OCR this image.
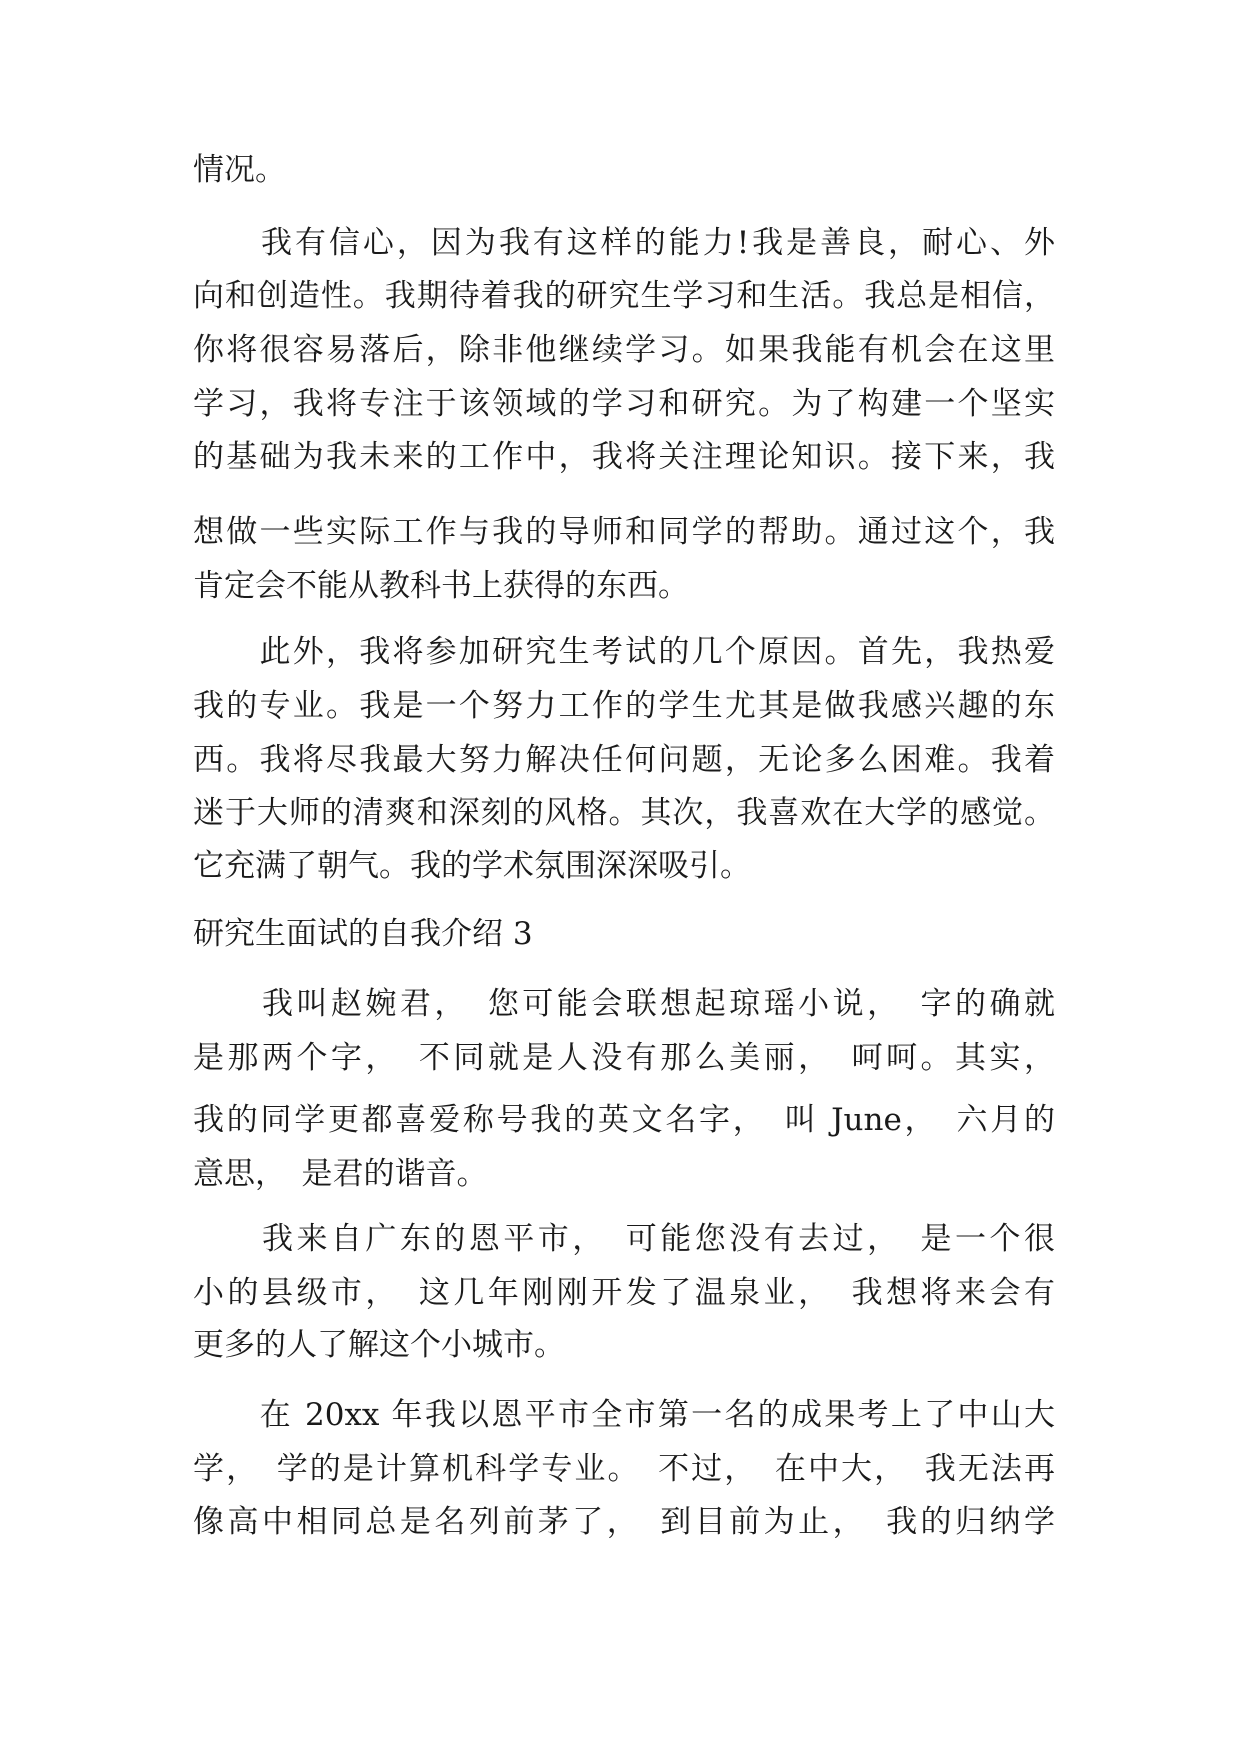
情况。

　　我有信心，因为我有这样的能力!我是善良，耐心、外

向和创造性。我期待着我的研究生学习和生活。我总是相信，

你将很容易落后，除非他继续学习。如果我能有机会在这里

学习，我将专注于该领域的学习和研究。为了构建一个坚实

的基础为我未来的工作中，我将关注理论知识。接下来，我

想做一些实际工作与我的导师和同学的帮助。通过这个，我

肯定会不能从教科书上获得的东西。

　　此外，我将参加研究生考试的几个原因。首先，我热爱

我的专业。我是一个努力工作的学生尤其是做我感兴趣的东

西。我将尽我最大努力解决任何问题，无论多么困难。我着

迷于大师的清爽和深刻的风格。其次，我喜欢在大学的感觉。

它充满了朝气。我的学术氛围深深吸引。

研究生面试的自我介绍 3

　　我叫赵婉君，　您可能会联想起琼瑶小说，　字的确就

是那两个字，　不同就是人没有那么美丽，　呵呵。其实，

我的同学更都喜爱称号我的英文名字，　叫 June，　六月的

意思，　是君的谐音。

　　我来自广东的恩平市，　可能您没有去过，　是一个很

小的县级市，　这几年刚刚开发了温泉业，　我想将来会有

更多的人了解这个小城市。

　　在 20xx 年我以恩平市全市第一名的成果考上了中山大

学，　学的是计算机科学专业。　不过，　在中大，　我无法再

像高中相同总是名列前茅了，　到目前为止，　我的归纳学
